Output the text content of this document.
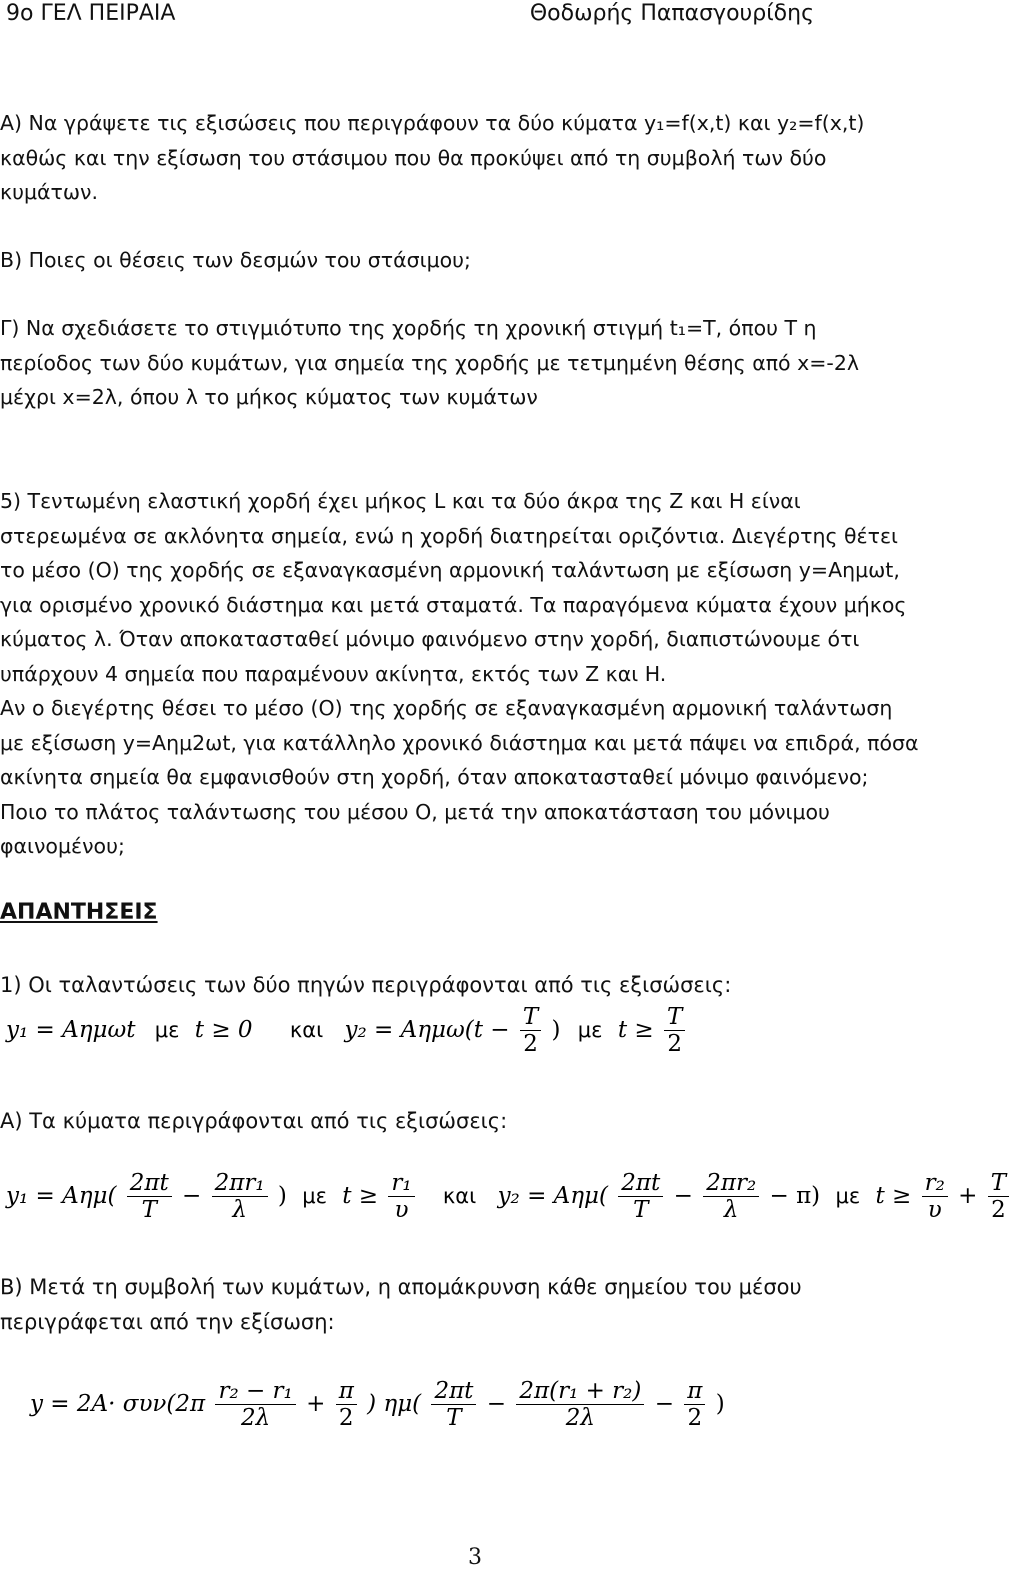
9ο ΓΕΛ ΠΕΙΡΑΙΑ	Θοδωρής Παπασγουρίδης
Α) Να γράψετε τις εξισώσεις που περιγράφουν τα δύο κύματα y₁=f(x,t) και y₂=f(x,t)
καθώς και την εξίσωση του στάσιμου που θα προκύψει από τη συμβολή των δύο
κυμάτων.
Β) Ποιες οι θέσεις των δεσμών του στάσιμου;
Γ) Να σχεδιάσετε το στιγμιότυπο της χορδής τη χρονική στιγμή t₁=T, όπου T η
περίοδος των δύο κυμάτων, για σημεία της χορδής με τετμημένη θέσης από x=-2λ
μέχρι x=2λ, όπου λ το μήκος κύματος των κυμάτων
5) Τεντωμένη ελαστική χορδή έχει μήκος L και τα δύο άκρα της Z και H είναι
στερεωμένα σε ακλόνητα σημεία, ενώ η χορδή διατηρείται οριζόντια. Διεγέρτης θέτει
το μέσο (Ο) της χορδής σε εξαναγκασμένη αρμονική ταλάντωση με εξίσωση y=Αημωt,
για ορισμένο χρονικό διάστημα και μετά σταματά. Τα παραγόμενα κύματα έχουν μήκος
κύματος λ. Όταν αποκατασταθεί μόνιμο φαινόμενο στην χορδή, διαπιστώνουμε ότι
υπάρχουν 4 σημεία που παραμένουν ακίνητα, εκτός των Z και H.
Αν ο διεγέρτης θέσει το μέσο (Ο) της χορδής σε εξαναγκασμένη αρμονική ταλάντωση
με εξίσωση y=Αημ2ωt, για κατάλληλο χρονικό διάστημα και μετά πάψει να επιδρά, πόσα
ακίνητα σημεία θα εμφανισθούν στη χορδή, όταν αποκατασταθεί μόνιμο φαινόμενο;
Ποιο το πλάτος ταλάντωσης του μέσου Ο, μετά την αποκατάσταση του μόνιμου
φαινομένου;
ΑΠΑΝΤΗΣΕΙΣ
1) Οι ταλαντώσεις των δύο πηγών περιγράφονται από τις εξισώσεις:
y₁ = Αημωt με t ≥ 0 και $y_2 = A\eta\mu\omega(t - \frac{T}{2}$ ) με $t \ge \frac{T}{2}$
Α) Τα κύματα περιγράφονται από τις εξισώσεις:
$y_1 = A\eta\mu( \frac{2\pi t}{T} - \frac{\text{2πr₁}}{\lambda}$ ) με $t \ge \frac{\text{r₁}}{\upsilon}$ και $y_2 = A\eta\mu( \frac{2\pi t}{T} - \frac{\text{2πr₂}}{\lambda} - \pi)$ με $t \ge \frac{\text{r₂}}{\upsilon} + \frac{T}{2}$
Β) Μετά τη συμβολή των κυμάτων, η απομάκρυνση κάθε σημείου του μέσου
περιγράφεται από την εξίσωση:
$y = 2A\cdot \sigma\upsilon\nu(2\pi \frac{\text{r₂ − r₁}}{2\lambda} + \frac{\pi}{2}$ ) $\eta\mu( \frac{2\pi t}{T} - \frac{\text{2π(r₁ + r₂)}}{2\lambda} - \frac{\pi}{2}$ )
3
